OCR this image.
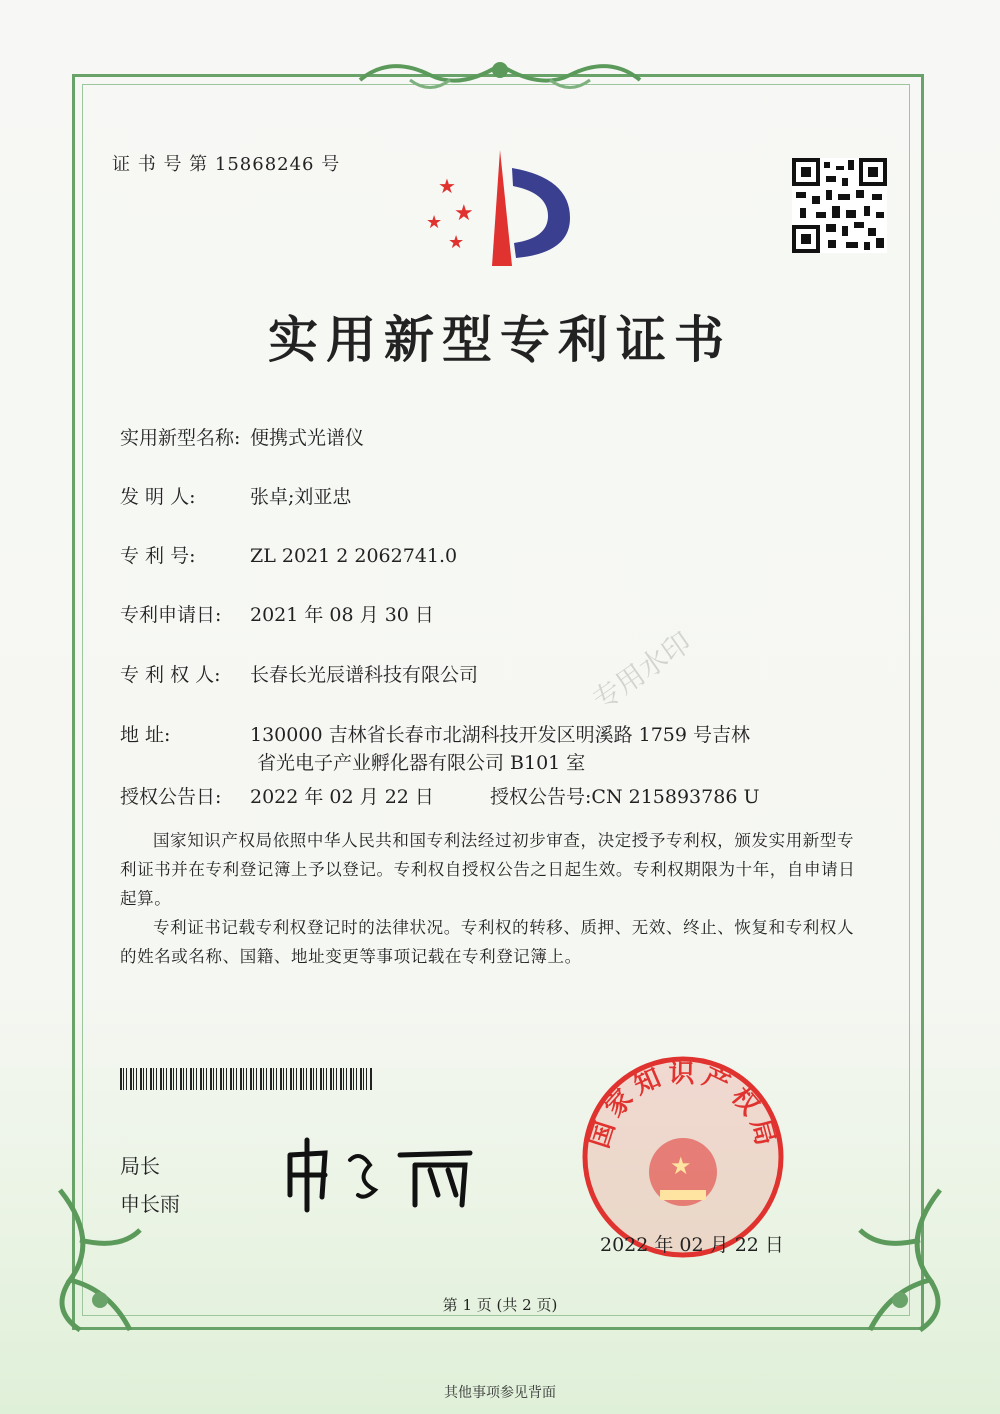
证 书 号 第 15868246 号
★
★
★
★
实用新型专利证书
实用新型名称: 便携式光谱仪
发 明 人:	张卓;刘亚忠
专 利 号:	ZL 2021 2 2062741.0
专利申请日: 2021 年 08 月 30 日
专 利 权 人: 长春长光辰谱科技有限公司
地 址:	130000 吉林省长春市北湖科技开发区明溪路 1759 号吉林
省光电子产业孵化器有限公司 B101 室
授权公告日: 2022 年 02 月 22 日	授权公告号:CN 215893786 U
专用水印

国家知识产权局依照中华人民共和国专利法经过初步审查，决定授予专利权，颁发实用新型专利证书并在专利登记簿上予以登记。专利权自授权公告之日起生效。专利权期限为十年，自申请日起算。

专利证书记载专利权登记时的法律状况。专利权的转移、质押、无效、终止、恢复和专利权人的姓名或名称、国籍、地址变更等事项记载在专利登记簿上。

局长
申长雨
国家知识产权局
★
2022 年 02 月 22 日
第 1 页 (共 2 页)
其他事项参见背面
